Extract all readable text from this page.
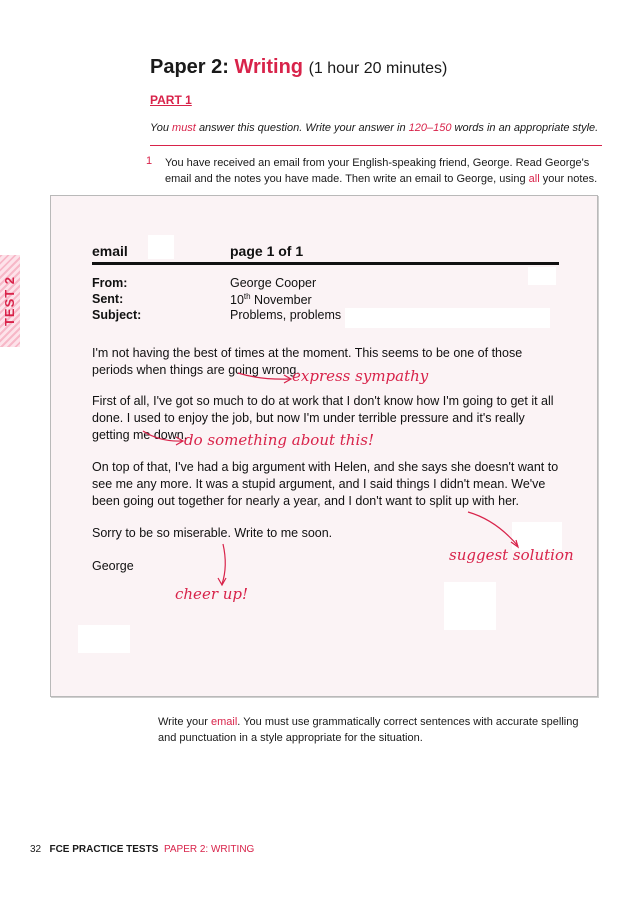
TEST 2
Paper 2: Writing (1 hour 20 minutes)
PART 1
You must answer this question. Write your answer in 120–150 words in an appropriate style.
1 You have received an email from your English-speaking friend, George. Read George's email and the notes you have made. Then write an email to George, using all your notes.
email	page 1 of 1
From:	George Cooper
Sent:	10th November
Subject:	Problems, problems
I'm not having the best of times at the moment. This seems to be one of those periods when things are going wrong.
First of all, I've got so much to do at work that I don't know how I'm going to get it all done. I used to enjoy the job, but now I'm under terrible pressure and it's really getting me down.
On top of that, I've had a big argument with Helen, and she says she doesn't want to see me any more. It was a stupid argument, and I said things I didn't mean. We've been going out together for nearly a year, and I don't want to split up with her.
Sorry to be so miserable. Write to me soon.
George
express sympathy
do something about this!
suggest solution
cheer up!
Write your email. You must use grammatically correct sentences with accurate spelling and punctuation in a style appropriate for the situation.
32 FCE PRACTICE TESTS PAPER 2: WRITING
